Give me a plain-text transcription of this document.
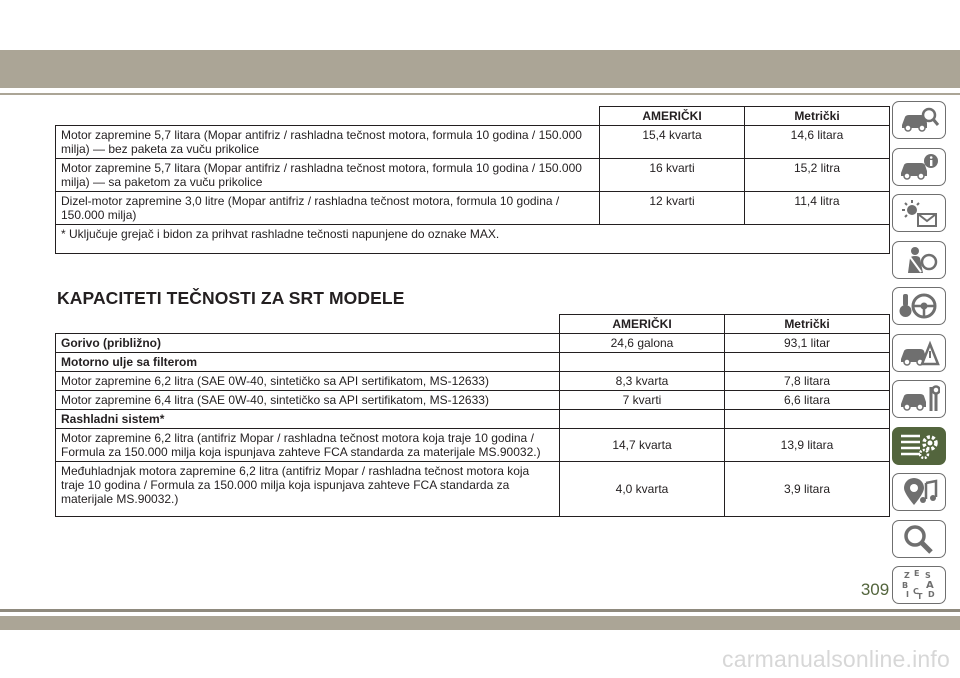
	AMERIČKI	Metrički
Motor zapremine 5,7 litara (Mopar antifriz / rashladna tečnost motora, formula 10 godina / 150.000 milja) — bez paketa za vuču prikolice	15,4 kvarta	14,6 litara
Motor zapremine 5,7 litara (Mopar antifriz / rashladna tečnost motora, formula 10 godina / 150.000 milja) — sa paketom za vuču prikolice	16 kvarti	15,2 litra
Dizel-motor zapremine 3,0 litre (Mopar antifriz / rashladna tečnost motora, formula 10 godina / 150.000 milja)	12 kvarti	11,4 litra
* Uključuje grejač i bidon za prihvat rashladne tečnosti napunjene do oznake MAX.		
KAPACITETI TEČNOSTI ZA SRT MODELE
	AMERIČKI	Metrički
Gorivo (približno)	24,6 galona	93,1 litar
Motorno ulje sa filterom		
Motor zapremine 6,2 litra (SAE 0W-40, sintetičko sa API sertifikatom, MS-12633)	8,3 kvarta	7,8 litara
Motor zapremine 6,4 litra (SAE 0W-40, sintetičko sa API sertifikatom, MS-12633)	7 kvarti	6,6 litara
Rashladni sistem*		
Motor zapremine 6,2 litra (antifriz Mopar / rashladna tečnost motora koja traje 10 godina / Formula za 150.000 milja koja ispunjava zahteve FCA standarda za materijale MS.90032.)	14,7 kvarta	13,9 litara
Međuhladnjak motora zapremine 6,2 litra (antifriz Mopar / rashladna tečnost motora koja traje 10 godina / Formula za 150.000 milja koja ispunjava zahteve FCA standarda za materijale MS.90032.)	4,0 kvarta	3,9 litara
Z E S
B A
I C D
T
309
carmanualsonline.info
